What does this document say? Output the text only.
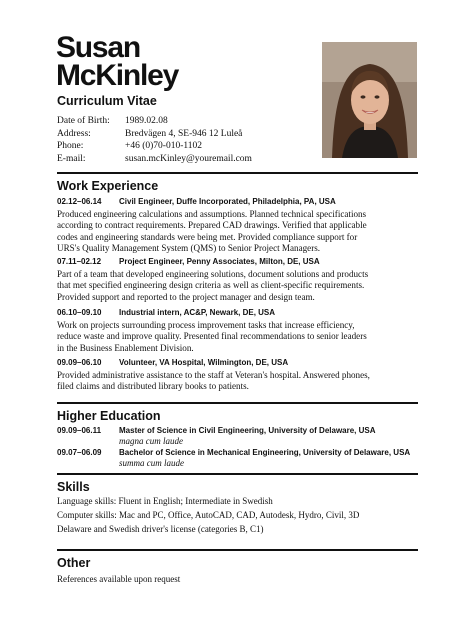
Susan
McKinley
Curriculum Vitae
Date of Birth:	1989.02.08
Address:	Bredvägen 4, SE-946 12 Luleå
Phone:	+46 (0)70-010-1102
E-mail:	susan.mcKinley@youremail.com
Work Experience
02.12–06.14	Civil Engineer, Duffe Incorporated, Philadelphia, PA, USA
Produced engineering calculations and assumptions. Planned technical specifications
according to contract requirements. Prepared CAD drawings. Verified that applicable
codes and engineering standards were being met. Provided compliance support for
URS's Quality Management System (QMS) to Senior Project Managers.
07.11–02.12	Project Engineer, Penny Associates, Milton, DE, USA
Part of a team that developed engineering solutions, document solutions and products
that met specified engineering design criteria as well as client-specific requirements.
Provided support and reported to the project manager and design team.
06.10–09.10	Industrial intern, AC&P, Newark, DE, USA
Work on projects surrounding process improvement tasks that increase efficiency,
reduce waste and improve quality. Presented final recommendations to senior leaders
in the Business Enablement Division.
09.09–06.10	Volunteer, VA Hospital, Wilmington, DE, USA
Provided administrative assistance to the staff at Veteran's hospital. Answered phones,
filed claims and distributed library books to patients.
Higher Education
09.09–06.11	Master of Science in Civil Engineering, University of Delaware, USA
magna cum laude
09.07–06.09	Bachelor of Science in Mechanical Engineering, University of Delaware, USA
summa cum laude
Skills
Language skills: Fluent in English; Intermediate in Swedish
Computer skills: Mac and PC, Office, AutoCAD, CAD, Autodesk, Hydro, Civil, 3D
Delaware and Swedish driver's license (categories B, C1)
Other
References available upon request
